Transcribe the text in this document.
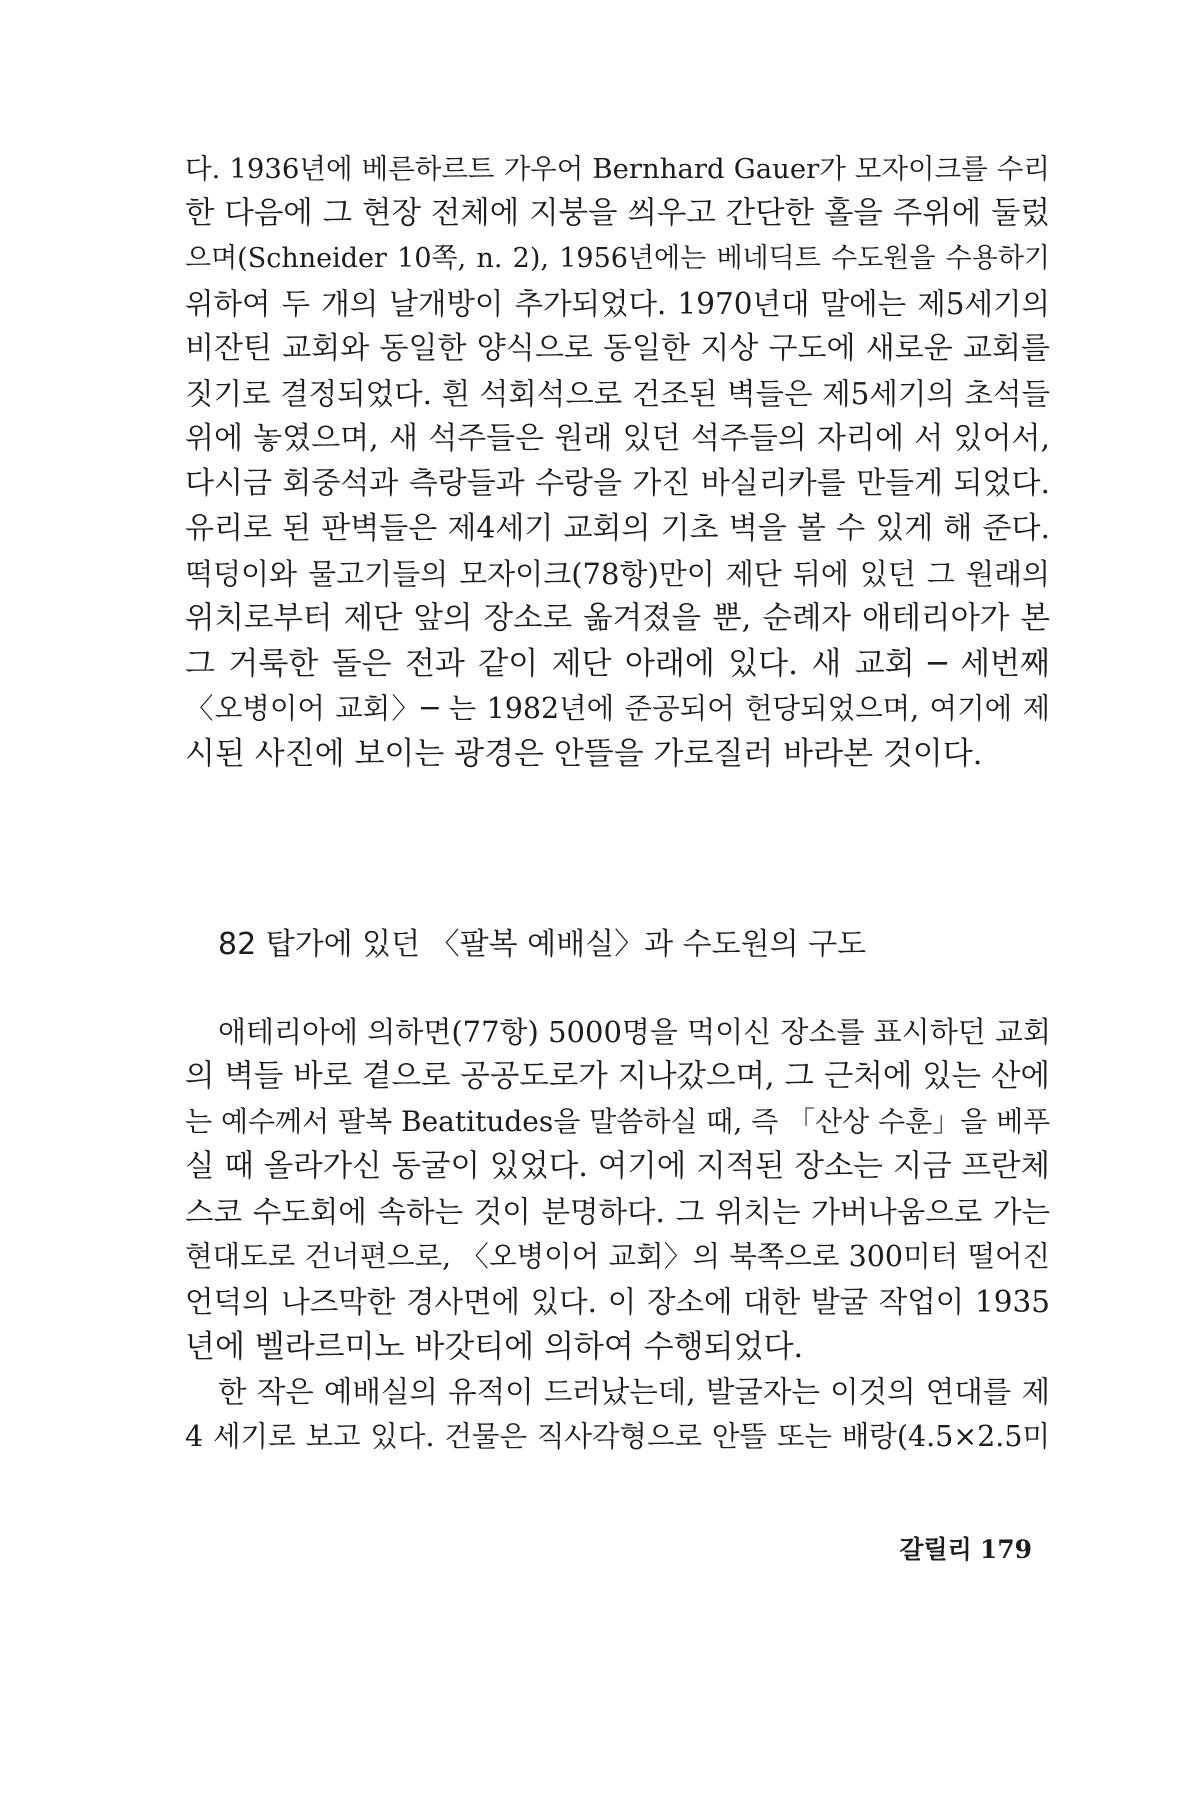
다. 1936년에 베른하르트 가우어 Bernhard Gauer가 모자이크를 수리
한 다음에 그 현장 전체에 지붕을 씌우고 간단한 홀을 주위에 둘렀
으며(Schneider 10쪽, n. 2), 1956년에는 베네딕트 수도원을 수용하기
위하여 두 개의 날개방이 추가되었다. 1970년대 말에는 제5세기의
비잔틴 교회와 동일한 양식으로 동일한 지상 구도에 새로운 교회를
짓기로 결정되었다. 흰 석회석으로 건조된 벽들은 제5세기의 초석들
위에 놓였으며, 새 석주들은 원래 있던 석주들의 자리에 서 있어서,
다시금 회중석과 측랑들과 수랑을 가진 바실리카를 만들게 되었다.
유리로 된 판벽들은 제4세기 교회의 기초 벽을 볼 수 있게 해 준다.
떡덩이와 물고기들의 모자이크(78항)만이 제단 뒤에 있던 그 원래의
위치로부터 제단 앞의 장소로 옮겨졌을 뿐, 순례자 애테리아가 본
그 거룩한 돌은 전과 같이 제단 아래에 있다. 새 교회 ─ 세번째
〈오병이어 교회〉─ 는 1982년에 준공되어 헌당되었으며, 여기에 제
시된 사진에 보이는 광경은 안뜰을 가로질러 바라본 것이다.
82 탑가에 있던 〈팔복 예배실〉과 수도원의 구도
애테리아에 의하면(77항) 5000명을 먹이신 장소를 표시하던 교회
의 벽들 바로 곁으로 공공도로가 지나갔으며, 그 근처에 있는 산에
는 예수께서 팔복 Beatitudes을 말씀하실 때, 즉 「산상 수훈」을 베푸
실 때 올라가신 동굴이 있었다. 여기에 지적된 장소는 지금 프란체
스코 수도회에 속하는 것이 분명하다. 그 위치는 가버나움으로 가는
현대도로 건너편으로, 〈오병이어 교회〉의 북쪽으로 300미터 떨어진
언덕의 나즈막한 경사면에 있다. 이 장소에 대한 발굴 작업이 1935
년에 벨라르미노 바갓티에 의하여 수행되었다.
한 작은 예배실의 유적이 드러났는데, 발굴자는 이것의 연대를 제
4 세기로 보고 있다. 건물은 직사각형으로 안뜰 또는 배랑(4.5×2.5미
갈릴리 179
